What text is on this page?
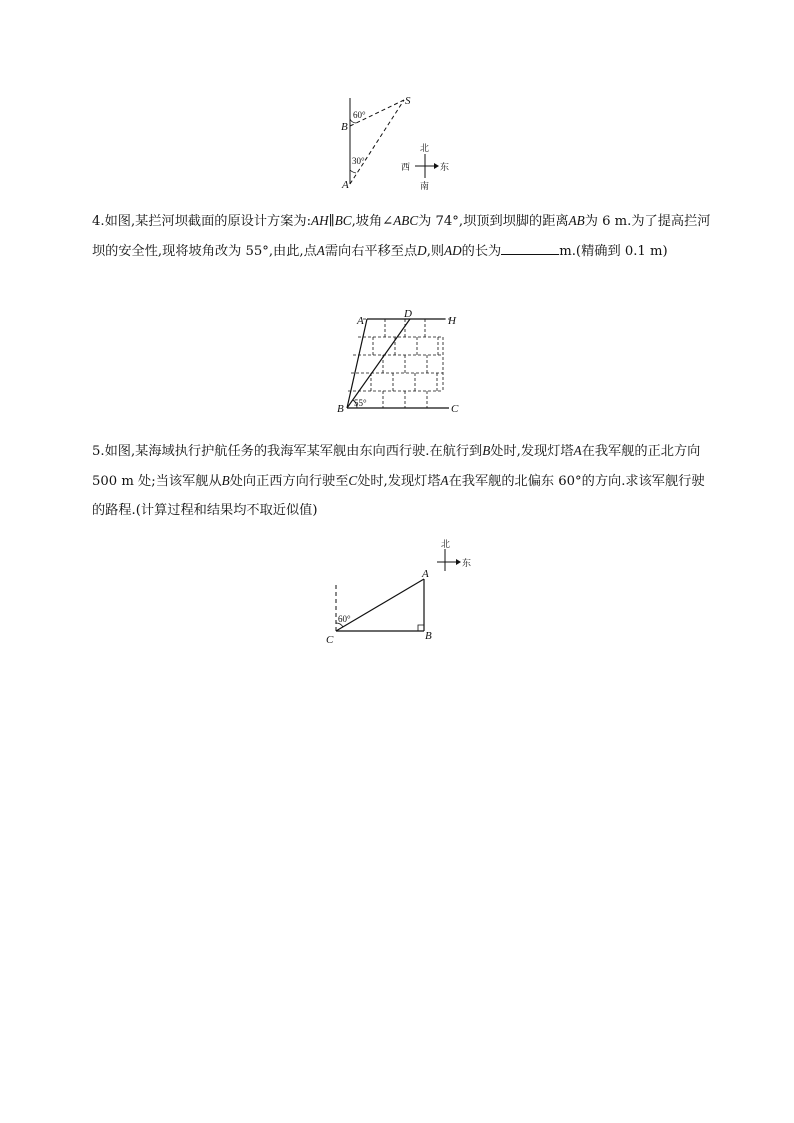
60°
30°
S
B
A
北
南
西	东

4.如图,某拦河坝截面的原设计方案为:AH∥BC,坡角∠ABC为 74°,坝顶到坝脚的距离AB为 6 m.为了提高拦河坝的安全性,现将坡角改为 55°,由此,点A需向右平移至点D,则AD的长为	m.(精确到 0.1 m)

55°
A
D
H
B	C

5.如图,某海域执行护航任务的我海军某军舰由东向西行驶.在航行到B处时,发现灯塔A在我军舰的正北方向 500 m 处;当该军舰从B处向正西方向行驶至C处时,发现灯塔A在我军舰的北偏东 60°的方向.求该军舰行驶的路程.(计算过程和结果均不取近似值)

60°
A
B
C
北
东
